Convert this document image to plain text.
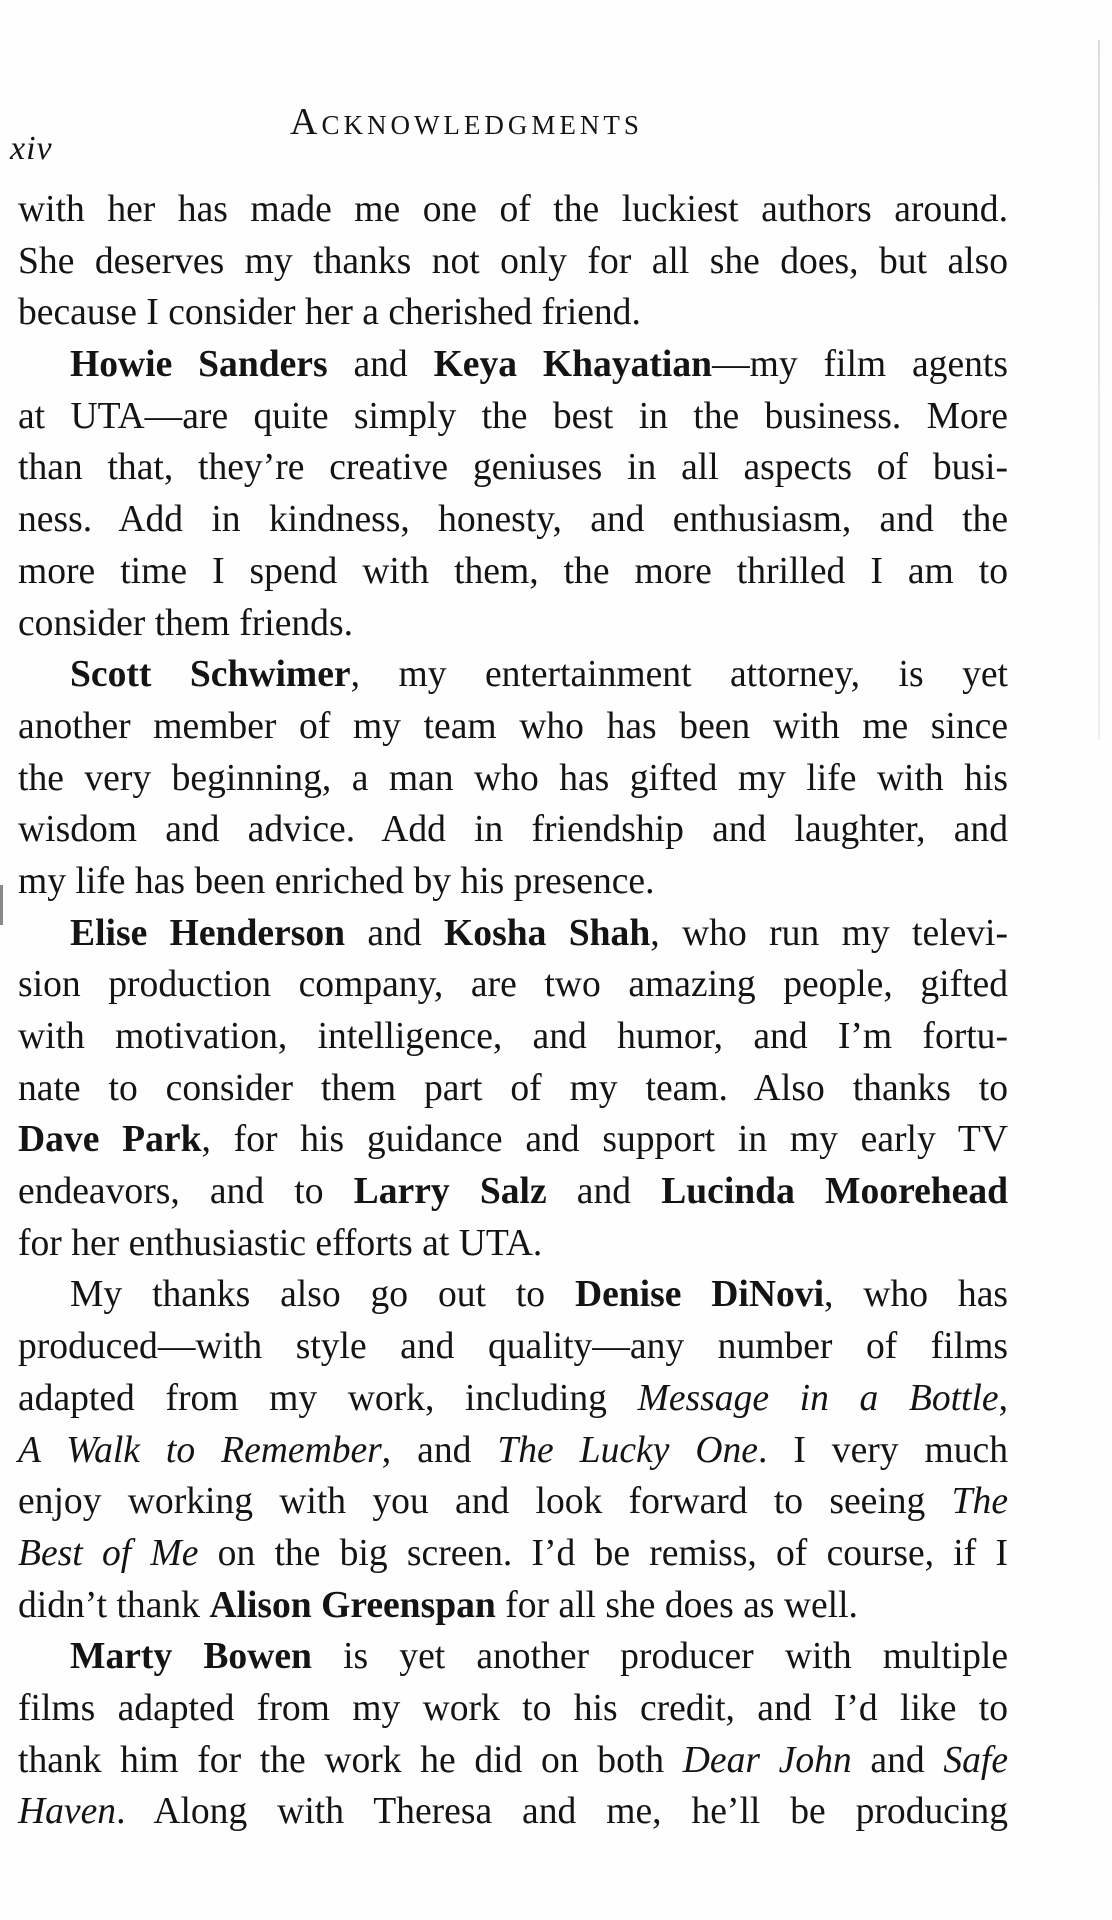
xiv
Acknowledgments
with her has made me one of the luckiest authors around.
She deserves my thanks not only for all she does, but also
because I consider her a cherished friend.
Howie Sanders and Keya Khayatian—my film agents
at UTA—are quite simply the best in the business. More
than that, they’re creative geniuses in all aspects of busi-
ness. Add in kindness, honesty, and enthusiasm, and the
more time I spend with them, the more thrilled I am to
consider them friends.
Scott Schwimer, my entertainment attorney, is yet
another member of my team who has been with me since
the very beginning, a man who has gifted my life with his
wisdom and advice. Add in friendship and laughter, and
my life has been enriched by his presence.
Elise Henderson and Kosha Shah, who run my televi-
sion production company, are two amazing people, gifted
with motivation, intelligence, and humor, and I’m fortu-
nate to consider them part of my team. Also thanks to
Dave Park, for his guidance and support in my early TV
endeavors, and to Larry Salz and Lucinda Moorehead
for her enthusiastic efforts at UTA.
My thanks also go out to Denise DiNovi, who has
produced—with style and quality—any number of films
adapted from my work, including Message in a Bottle,
A Walk to Remember, and The Lucky One. I very much
enjoy working with you and look forward to seeing The
Best of Me on the big screen. I’d be remiss, of course, if I
didn’t thank Alison Greenspan for all she does as well.
Marty Bowen is yet another producer with multiple
films adapted from my work to his credit, and I’d like to
thank him for the work he did on both Dear John and Safe
Haven. Along with Theresa and me, he’ll be producing
